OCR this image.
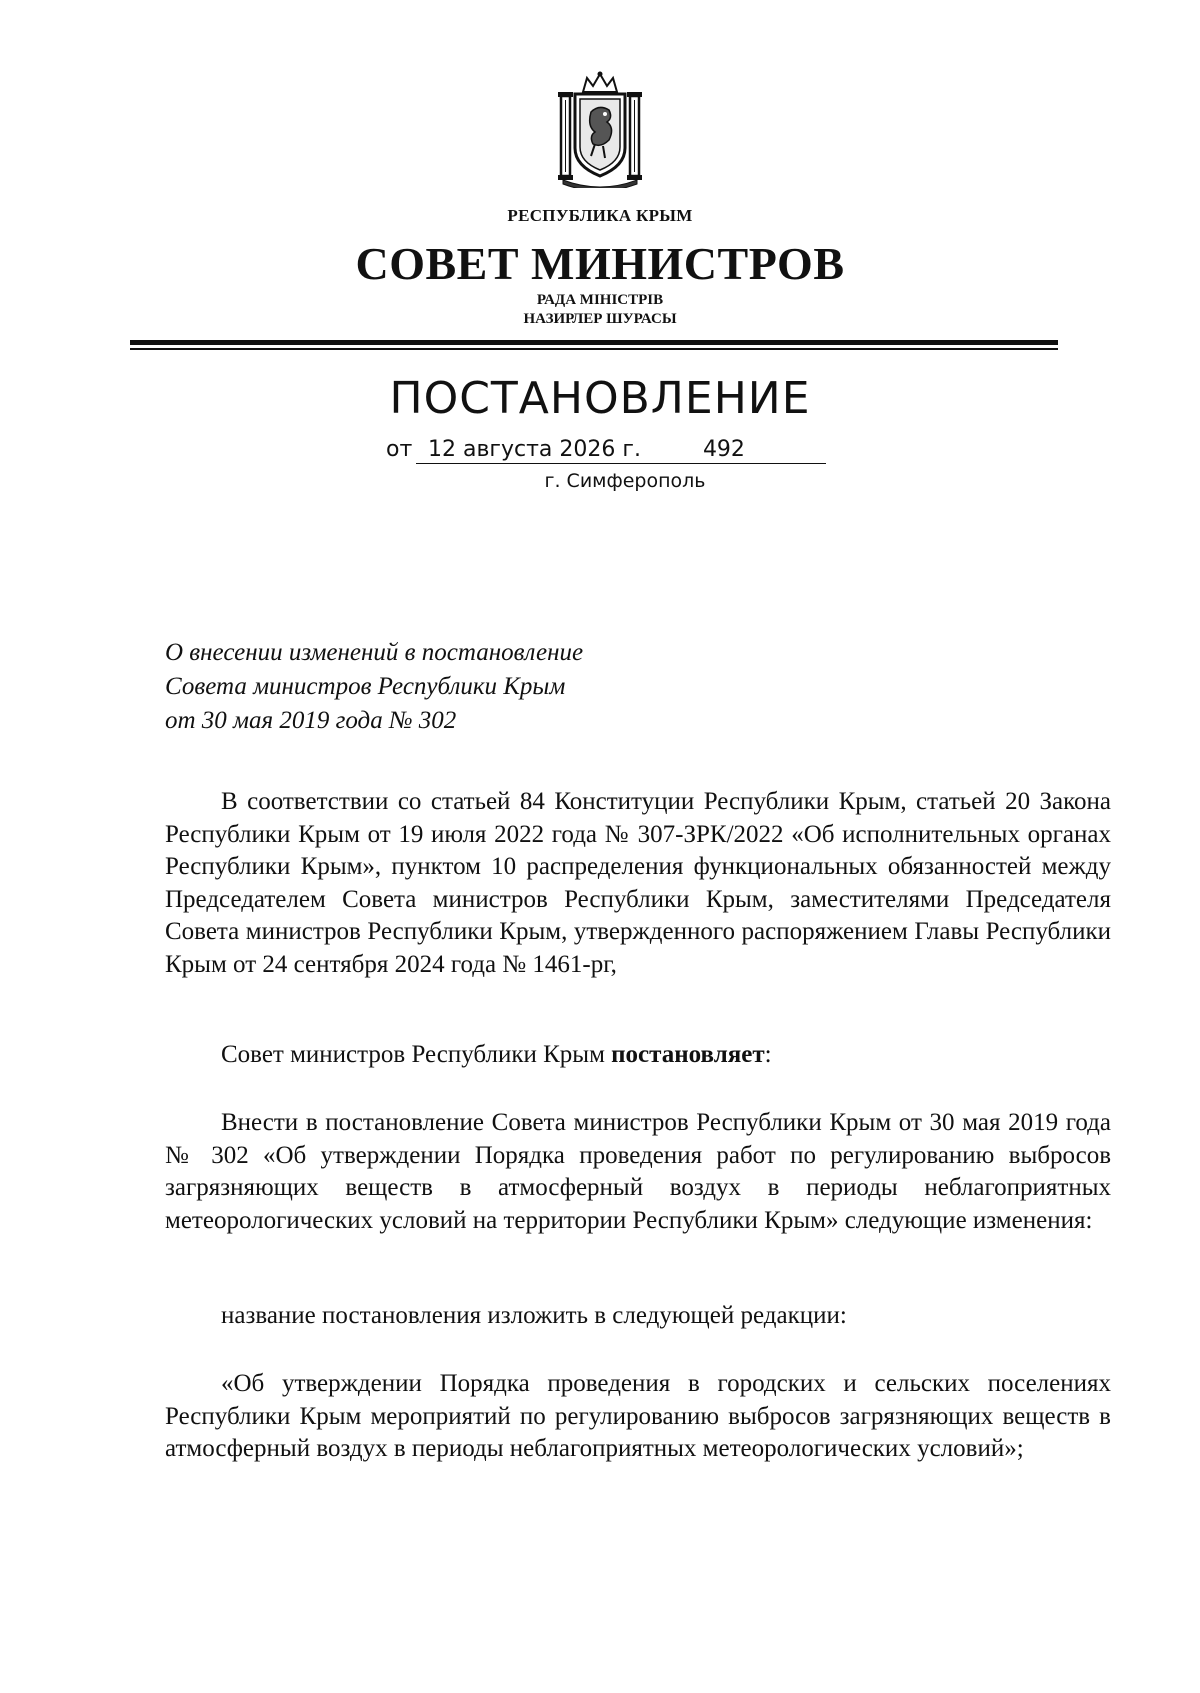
РЕСПУБЛИКА КРЫМ
СОВЕТ МИНИСТРОВ
РАДА МІНІСТРІВ
НАЗИРЛЕР ШУРАСЫ
ПОСТАНОВЛЕНИЕ
от 12 августа 2026 г.	492
г. Симферополь
О внесении изменений в постановление
Совета министров Республики Крым
от 30 мая 2019 года № 302
В соответствии со статьей 84 Конституции Республики Крым, статьей 20 Закона Республики Крым от 19 июля 2022 года № 307-ЗРК/2022 «Об исполнительных органах Республики Крым», пунктом 10 распределения функциональных обязанностей между Председателем Совета министров Республики Крым, заместителями Председателя Совета министров Республики Крым, утвержденного распоряжением Главы Республики Крым от 24 сентября 2024 года № 1461-рг,
Совет министров Республики Крым постановляет:
Внести в постановление Совета министров Республики Крым от 30 мая 2019 года № 302 «Об утверждении Порядка проведения работ по регулированию выбросов загрязняющих веществ в атмосферный воздух в периоды неблагоприятных метеорологических условий на территории Республики Крым» следующие изменения:
название постановления изложить в следующей редакции:
«Об утверждении Порядка проведения в городских и сельских поселениях Республики Крым мероприятий по регулированию выбросов загрязняющих веществ в атмосферный воздух в периоды неблагоприятных метеорологических условий»;
